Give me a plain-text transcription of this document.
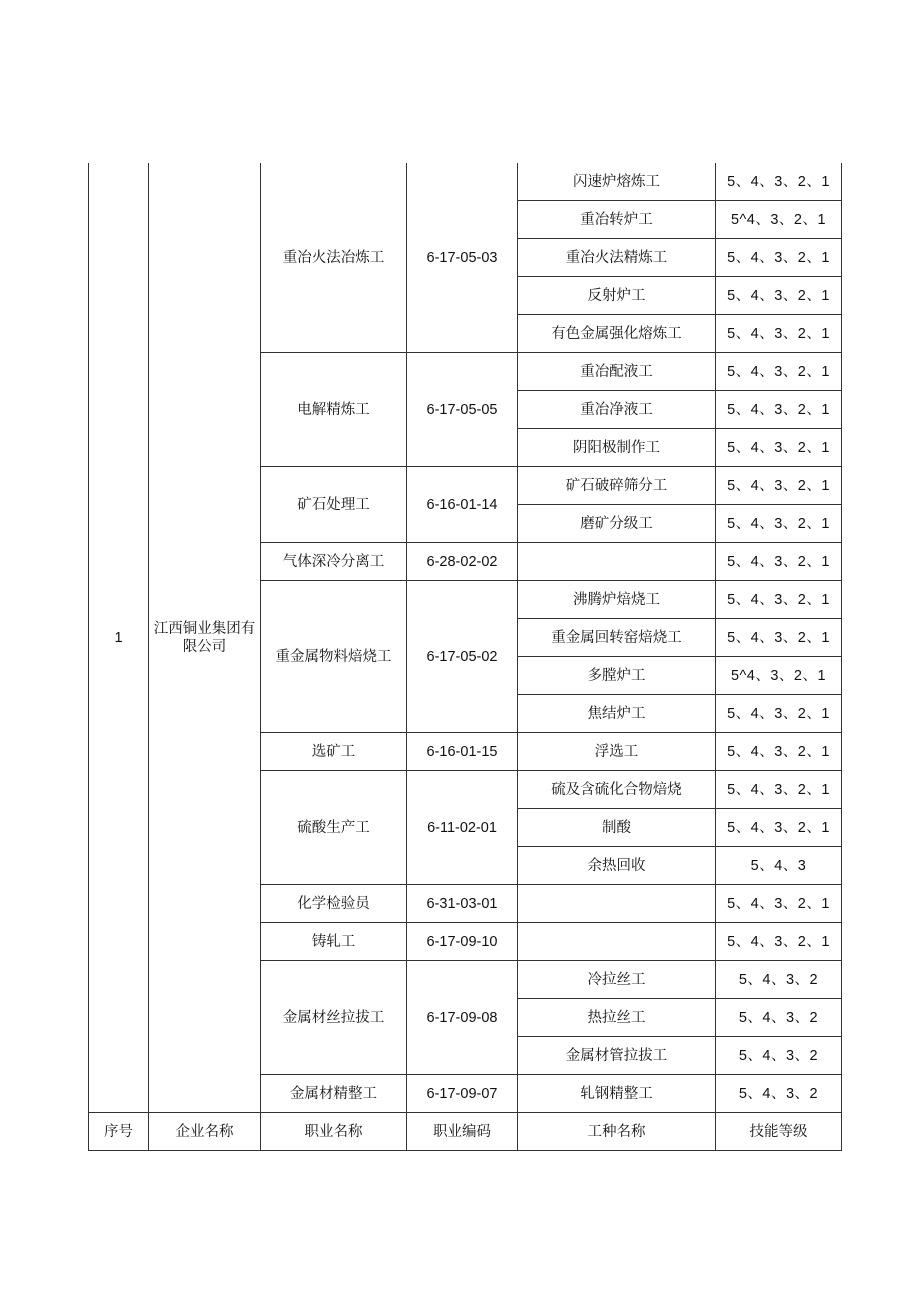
1	江西铜业集团有限公司	重冶火法冶炼工	6-17-05-03	闪速炉熔炼工	5、4、3、2、1
				重冶转炉工	5^4、3、2、1
				重冶火法精炼工	5、4、3、2、1
				反射炉工	5、4、3、2、1
				有色金属强化熔炼工	5、4、3、2、1
		电解精炼工	6-17-05-05	重冶配液工	5、4、3、2、1
				重冶净液工	5、4、3、2、1
				阴阳极制作工	5、4、3、2、1
		矿石处理工	6-16-01-14	矿石破碎筛分工	5、4、3、2、1
				磨矿分级工	5、4、3、2、1
		气体深冷分离工	6-28-02-02		5、4、3、2、1
		重金属物料焙烧工	6-17-05-02	沸腾炉焙烧工	5、4、3、2、1
				重金属回转窑焙烧工	5、4、3、2、1
				多膛炉工	5^4、3、2、1
				焦结炉工	5、4、3、2、1
		选矿工	6-16-01-15	浮选工	5、4、3、2、1
		硫酸生产工	6-11-02-01	硫及含硫化合物焙烧	5、4、3、2、1
				制酸	5、4、3、2、1
				余热回收	5、4、3
		化学检验员	6-31-03-01		5、4、3、2、1
		铸轧工	6-17-09-10		5、4、3、2、1
		金属材丝拉拔工	6-17-09-08	冷拉丝工	5、4、3、2
				热拉丝工	5、4、3、2
				金属材管拉拔工	5、4、3、2
		金属材精整工	6-17-09-07	轧钢精整工	5、4、3、2
序号	企业名称	职业名称	职业编码	工种名称	技能等级
